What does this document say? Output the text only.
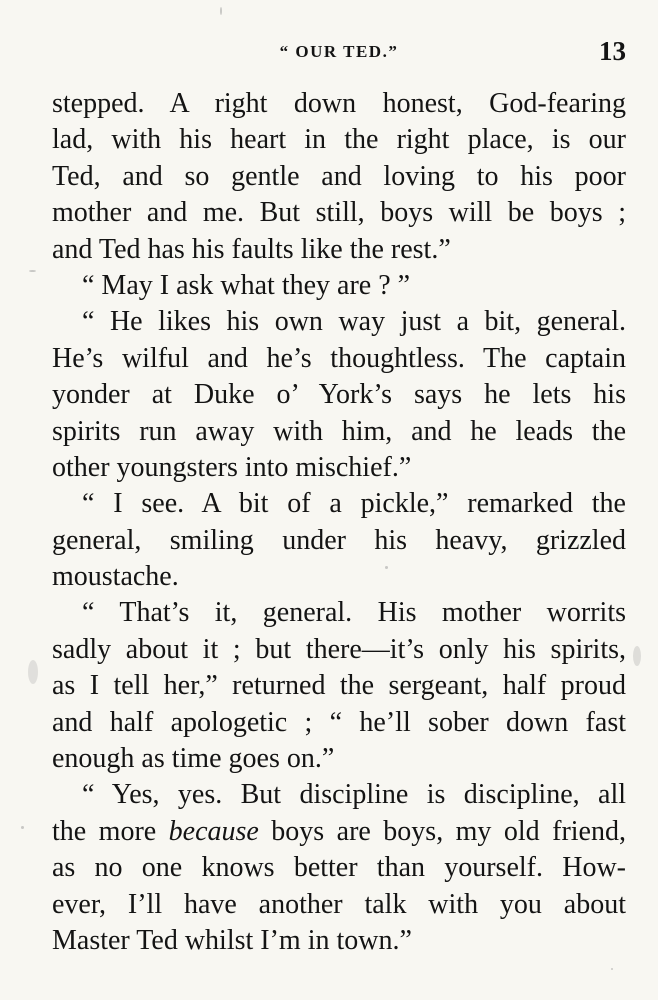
“ OUR TED.”	13
stepped. A right down honest, God-fearing
lad, with his heart in the right place, is our
Ted, and so gentle and loving to his poor
mother and me. But still, boys will be boys ;
and Ted has his faults like the rest.”
“ May I ask what they are ? ”
“ He likes his own way just a bit, general.
He’s wilful and he’s thoughtless. The captain
yonder at Duke o’ York’s says he lets his
spirits run away with him, and he leads the
other youngsters into mischief.”
“ I see. A bit of a pickle,” remarked the
general, smiling under his heavy, grizzled
moustache.
“ That’s it, general. His mother worrits
sadly about it ; but there—it’s only his spirits,
as I tell her,” returned the sergeant, half proud
and half apologetic ; “ he’ll sober down fast
enough as time goes on.”
“ Yes, yes. But discipline is discipline, all
the more because boys are boys, my old friend,
as no one knows better than yourself. How-
ever, I’ll have another talk with you about
Master Ted whilst I’m in town.”
